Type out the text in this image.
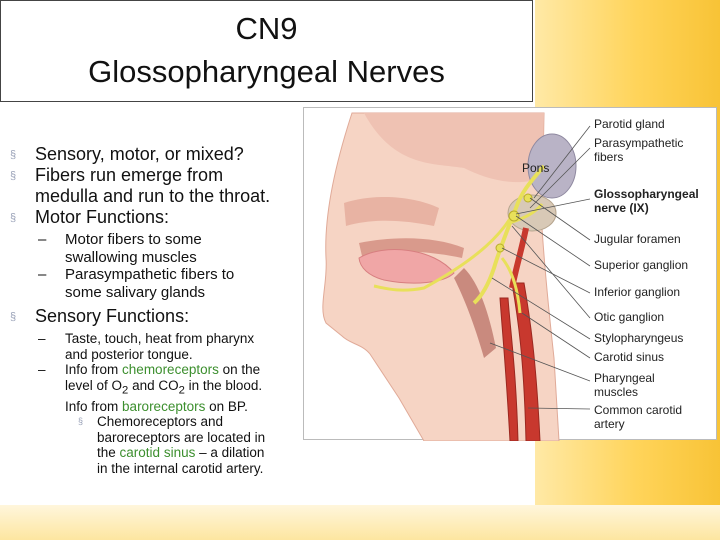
CN9
Glossopharyngeal Nerves
§ Sensory, motor, or mixed?
§ Fibers run emerge from
medulla and run to the throat.
§ Motor Functions:
– Motor fibers to some
swallowing muscles
– Parasympathetic fibers to
some salivary glands
§ Sensory Functions:
– Taste, touch, heat from pharynx
and posterior tongue.
– Info from chemoreceptors on the
level of $O_2$ and $CO_2$ in the blood.
Info from baroreceptors on BP.
§ Chemoreceptors and
baroreceptors are located in
the carotid sinus – a dilation
in the internal carotid artery.
Pons
Parotid gland
Parasympathetic fibers
Glossopharyngeal nerve (IX)
Jugular foramen
Superior ganglion
Inferior ganglion
Otic ganglion
Stylopharyngeus
Carotid sinus
Pharyngeal muscles
Common carotid artery
